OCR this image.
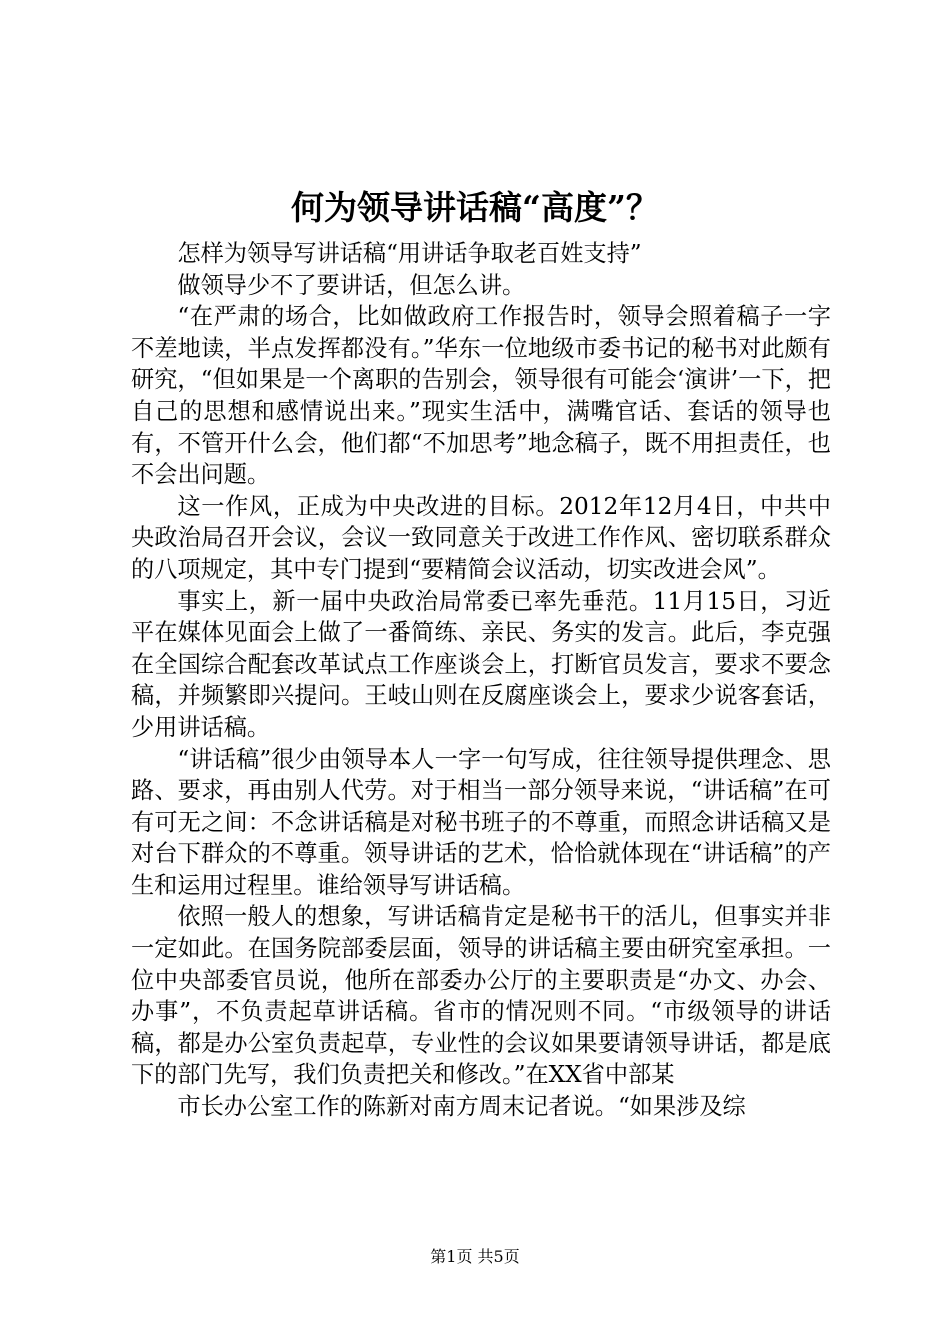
何为领导讲话稿“高度”？

怎样为领导写讲话稿“用讲话争取老百姓支持”

做领导少不了要讲话，但怎么讲。

“在严肃的场合，比如做政府工作报告时，领导会照着稿子一字不差地读，半点发挥都没有。”华东一位地级市委书记的秘书对此颇有研究，“但如果是一个离职的告别会，领导很有可能会‘演讲’一下，把自己的思想和感情说出来。”现实生活中，满嘴官话、套话的领导也有，不管开什么会，他们都“不加思考”地念稿子，既不用担责任，也不会出问题。

这一作风，正成为中央改进的目标。2012年12月4日，中共中央政治局召开会议，会议一致同意关于改进工作作风、密切联系群众的八项规定，其中专门提到“要精简会议活动，切实改进会风”。

事实上，新一届中央政治局常委已率先垂范。11月15日，习近平在媒体见面会上做了一番简练、亲民、务实的发言。此后，李克强在全国综合配套改革试点工作座谈会上，打断官员发言，要求不要念稿，并频繁即兴提问。王岐山则在反腐座谈会上，要求少说客套话，少用讲话稿。

“讲话稿”很少由领导本人一字一句写成，往往领导提供理念、思路、要求，再由别人代劳。对于相当一部分领导来说，“讲话稿”在可有可无之间：不念讲话稿是对秘书班子的不尊重，而照念讲话稿又是对台下群众的不尊重。领导讲话的艺术，恰恰就体现在“讲话稿”的产生和运用过程里。谁给领导写讲话稿。

依照一般人的想象，写讲话稿肯定是秘书干的活儿，但事实并非一定如此。在国务院部委层面，领导的讲话稿主要由研究室承担。一位中央部委官员说，他所在部委办公厅的主要职责是“办文、办会、办事”，不负责起草讲话稿。省市的情况则不同。“市级领导的讲话稿，都是办公室负责起草，专业性的会议如果要请领导讲话，都是底下的部门先写，我们负责把关和修改。”在XX省中部某

市长办公室工作的陈新对南方周末记者说。“如果涉及综

第1页 共5页
